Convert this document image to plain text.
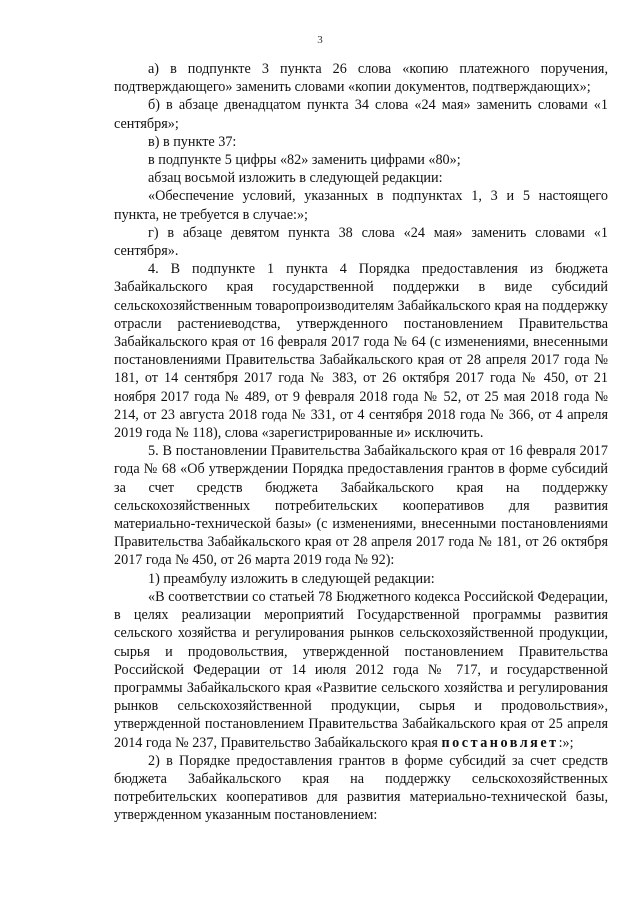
3

а) в подпункте 3 пункта 26 слова «копию платежного поручения, подтверждающего» заменить словами «копии документов, подтверждающих»;

б) в абзаце двенадцатом пункта 34 слова «24 мая» заменить словами «1 сентября»;

в) в пункте 37:

в подпункте 5 цифры «82» заменить цифрами «80»;

абзац восьмой изложить в следующей редакции:

«Обеспечение условий, указанных в подпунктах 1, 3 и 5 настоящего пункта, не требуется в случае:»;

г) в абзаце девятом пункта 38 слова «24 мая» заменить словами «1 сентября».

4. В подпункте 1 пункта 4 Порядка предоставления из бюджета Забайкальского края государственной поддержки в виде субсидий сельскохозяйственным товаропроизводителям Забайкальского края на поддержку отрасли растениеводства, утвержденного постановлением Правительства Забайкальского края от 16 февраля 2017 года № 64 (с изменениями, внесенными постановлениями Правительства Забайкальского края от 28 апреля 2017 года № 181, от 14 сентября 2017 года № 383, от 26 октября 2017 года № 450, от 21 ноября 2017 года № 489, от 9 февраля 2018 года № 52, от 25 мая 2018 года № 214, от 23 августа 2018 года № 331, от 4 сентября 2018 года № 366, от 4 апреля 2019 года № 118), слова «зарегистрированные и» исключить.

5. В постановлении Правительства Забайкальского края от 16 февраля 2017 года № 68 «Об утверждении Порядка предоставления грантов в форме субсидий за счет средств бюджета Забайкальского края на поддержку сельскохозяйственных потребительских кооперативов для развития материально-технической базы» (с изменениями, внесенными постановлениями Правительства Забайкальского края от 28 апреля 2017 года № 181, от 26 октября 2017 года № 450, от 26 марта 2019 года № 92):

1) преамбулу изложить в следующей редакции:

«В соответствии со статьей 78 Бюджетного кодекса Российской Федерации, в целях реализации мероприятий Государственной программы развития сельского хозяйства и регулирования рынков сельскохозяйственной продукции, сырья и продовольствия, утвержденной постановлением Правительства Российской Федерации от 14 июля 2012 года № 717, и государственной программы Забайкальского края «Развитие сельского хозяйства и регулирования рынков сельскохозяйственной продукции, сырья и продовольствия», утвержденной постановлением Правительства Забайкальского края от 25 апреля 2014 года № 237, Правительство Забайкальского края постановляет:»;

2) в Порядке предоставления грантов в форме субсидий за счет средств бюджета Забайкальского края на поддержку сельскохозяйственных потребительских кооперативов для развития материально-технической базы, утвержденном указанным постановлением:
